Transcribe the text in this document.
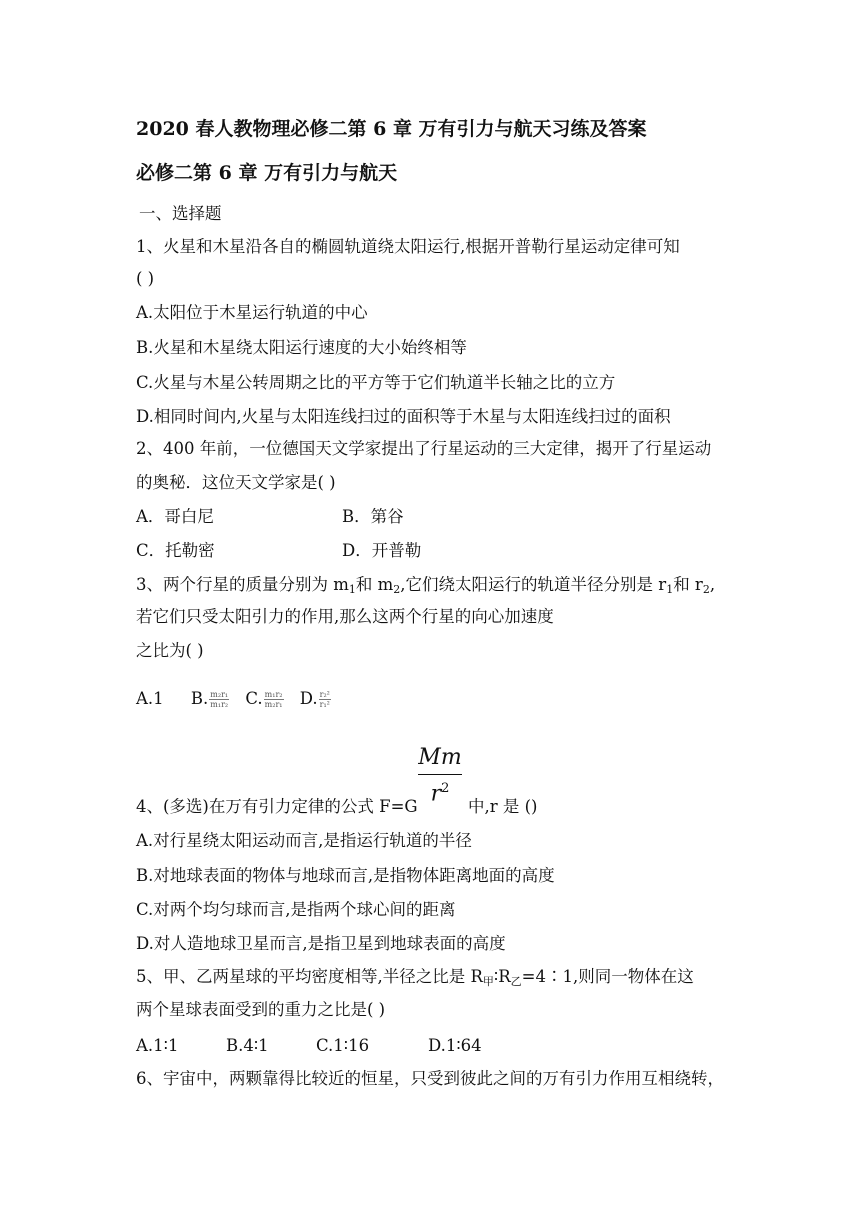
2020 春人教物理必修二第 6 章 万有引力与航天习练及答案
必修二第 6 章 万有引力与航天
一、选择题
1、火星和木星沿各自的椭圆轨道绕太阳运行,根据开普勒行星运动定律可知
( )
A.太阳位于木星运行轨道的中心
B.火星和木星绕太阳运行速度的大小始终相等
C.火星与木星公转周期之比的平方等于它们轨道半长轴之比的立方
D.相同时间内,火星与太阳连线扫过的面积等于木星与太阳连线扫过的面积
2、400 年前，一位德国天文学家提出了行星运动的三大定律，揭开了行星运动
的奥秘．这位天文学家是( )
A．哥白尼	B．第谷
C．托勒密	D．开普勒
3、两个行星的质量分别为 $m_1$和 $m_2$,它们绕太阳运行的轨道半径分别是 $r_1$和 $r_2$,
若它们只受太阳引力的作用,那么这两个行星的向心加速度
之比为( )
A.1 B. $\frac{\text{m₂r₁}}{\text{m₁r₂}} C$. $\frac{\text{m₁r₂}}{\text{m₂r₁}} D$. $\frac{\text{r₂²}}{\text{r₁²}}$
$\frac{Mm}{r^2}$
4、(多选)在万有引力定律的公式 F=G	中,r 是 ()
A.对行星绕太阳运动而言,是指运行轨道的半径
B.对地球表面的物体与地球而言,是指物体距离地面的高度
C.对两个均匀球而言,是指两个球心间的距离
D.对人造地球卫星而言,是指卫星到地球表面的高度
5、甲、乙两星球的平均密度相等,半径之比是 $R_甲∶R_乙=4∶1$,则同一物体在这
两个星球表面受到的重力之比是( )
A.1∶1	B.4∶1	C.1∶16	D.1∶64
6、宇宙中，两颗靠得比较近的恒星，只受到彼此之间的万有引力作用互相绕转，
